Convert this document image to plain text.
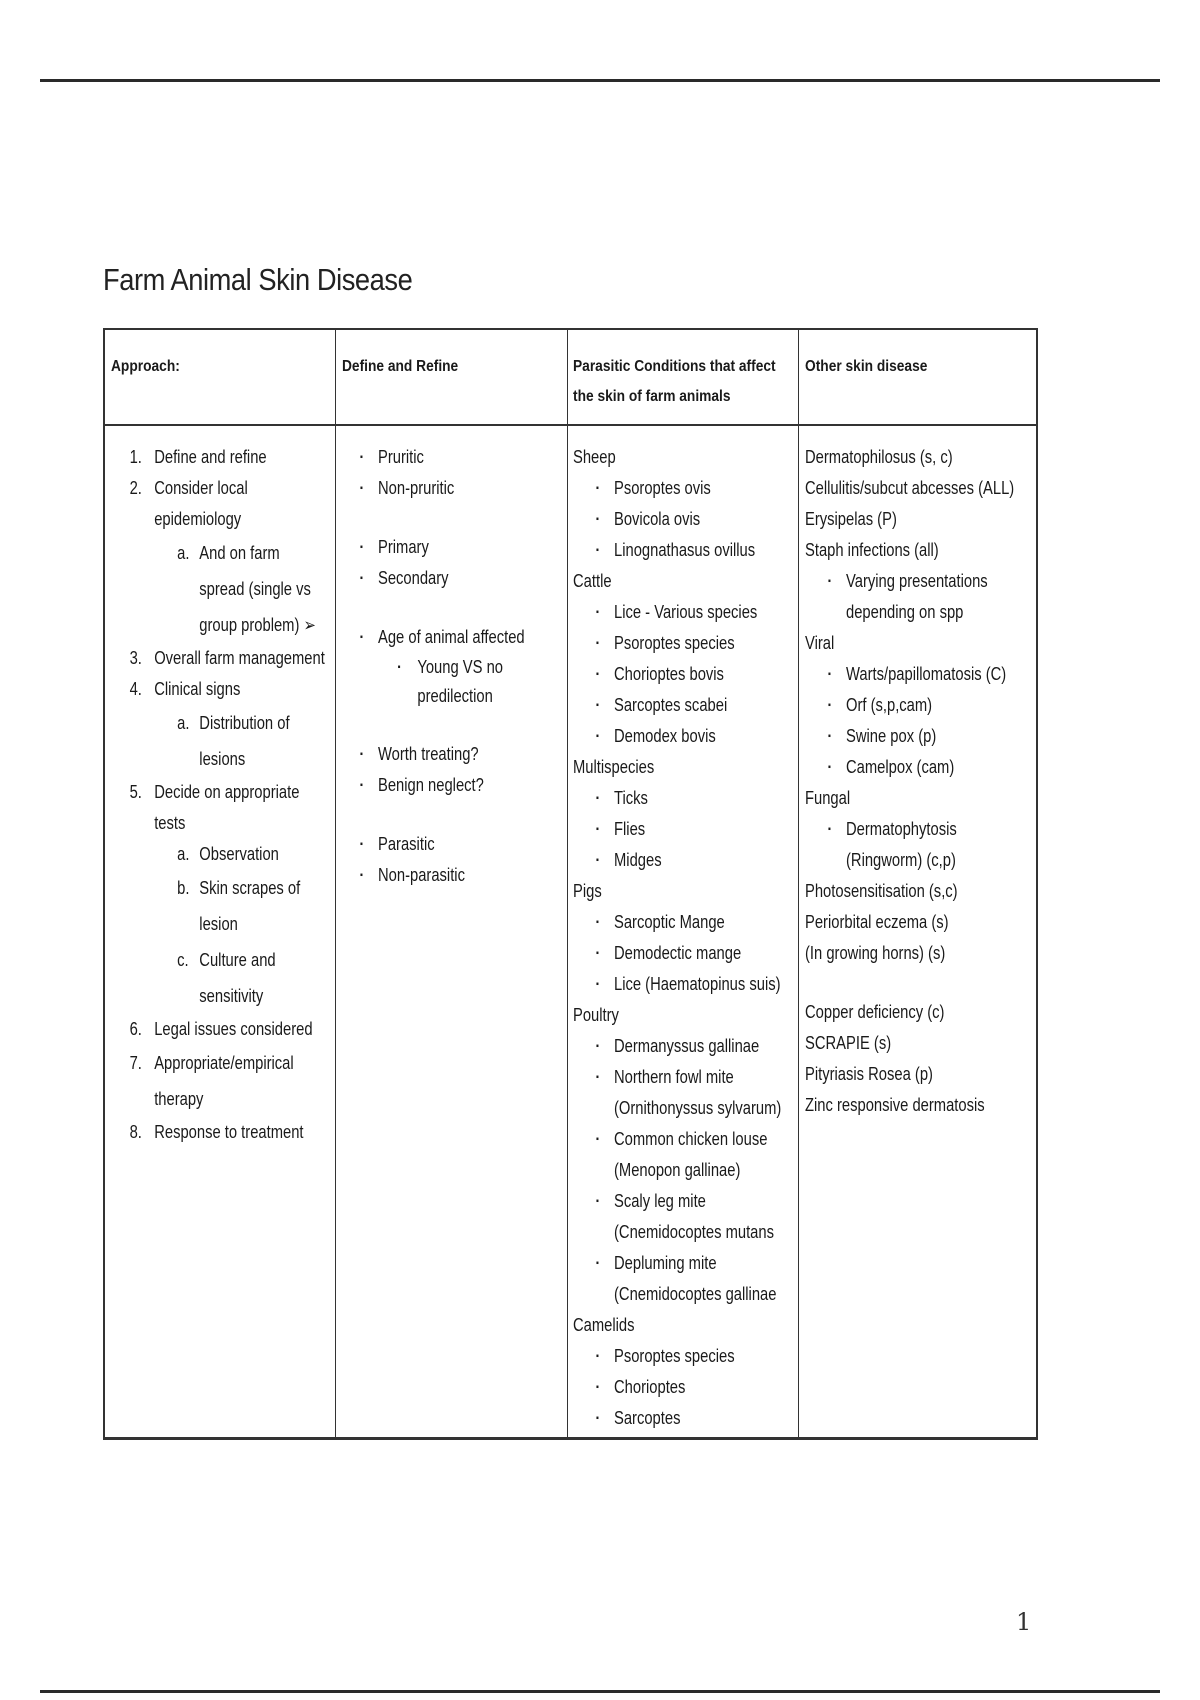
Farm Animal Skin Disease
Approach:	Define and Refine	Parasitic Conditions that affect the skin of farm animals
Other skin disease
1. Define and refine
2. Consider local epidemiology
a. And on farm spread (single vs group problem) ➢
3. Overall farm management
4. Clinical signs
a. Distribution of lesions
5. Decide on appropriate tests
a. Observation
b. Skin scrapes of lesion
c. Culture and sensitivity
6. Legal issues considered
7. Appropriate/empirical therapy
8. Response to treatment
▪ Pruritic
▪ Non-pruritic
▪ Primary
▪ Secondary
▪ Age of animal affected
▪ Young VS no predilection
▪ Worth treating?
▪ Benign neglect?
▪ Parasitic
▪ Non-parasitic
Sheep
▪ Psoroptes ovis
▪ Bovicola ovis
▪ Linognathasus ovillus
Cattle
▪ Lice - Various species
▪ Psoroptes species
▪ Chorioptes bovis
▪ Sarcoptes scabei
▪ Demodex bovis
Multispecies
▪ Ticks
▪ Flies
▪ Midges
Pigs
▪ Sarcoptic Mange
▪ Demodectic mange
▪ Lice (Haematopinus suis)
Poultry
▪ Dermanyssus gallinae
▪ Northern fowl mite (Ornithonyssus sylvarum)
▪ Common chicken louse (Menopon gallinae)
▪ Scaly leg mite (Cnemidocoptes mutans
▪ Depluming mite (Cnemidocoptes gallinae
Camelids
▪ Psoroptes species
▪ Chorioptes
▪ Sarcoptes
Dermatophilosus (s, c)
Cellulitis/subcut abcesses (ALL)
Erysipelas (P)
Staph infections (all)
▪ Varying presentations depending on spp
Viral
▪ Warts/papillomatosis (C)
▪ Orf (s,p,cam)
▪ Swine pox (p)
▪ Camelpox (cam)
Fungal
▪ Dermatophytosis (Ringworm) (c,p)
Photosensitisation (s,c)
Periorbital eczema (s)
(In growing horns) (s)
Copper deficiency (c)
SCRAPIE (s)
Pityriasis Rosea (p)
Zinc responsive dermatosis
1
